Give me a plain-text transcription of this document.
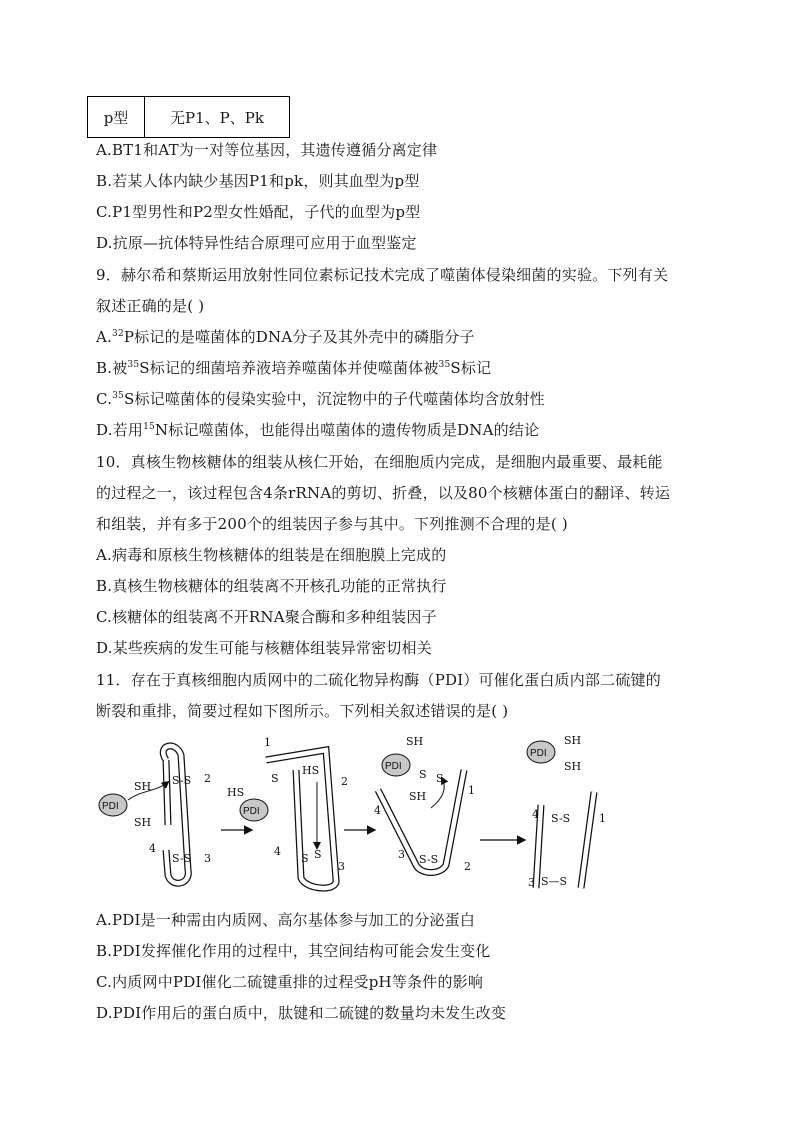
p型	无P1、P、Pk
A.BT1和AT为一对等位基因，其遗传遵循分离定律
B.若某人体内缺少基因P1和pk，则其血型为p型
C.P1型男性和P2型女性婚配，子代的血型为p型
D.抗原—抗体特异性结合原理可应用于血型鉴定
9．赫尔希和蔡斯运用放射性同位素标记技术完成了噬菌体侵染细菌的实验。下列有关
叙述正确的是( )
A.$^{32}$P标记的是噬菌体的DNA分子及其外壳中的磷脂分子
B.被$^{35}$S标记的细菌培养液培养噬菌体并使噬菌体被$^{35}$S标记
C.$^{35}$S标记噬菌体的侵染实验中，沉淀物中的子代噬菌体均含放射性
D.若用$^{15}$N标记噬菌体，也能得出噬菌体的遗传物质是DNA的结论
10．真核生物核糖体的组装从核仁开始，在细胞质内完成，是细胞内最重要、最耗能
的过程之一，该过程包含4条rRNA的剪切、折叠，以及80个核糖体蛋白的翻译、转运
和组装，并有多于200个的组装因子参与其中。下列推测不合理的是( )
A.病毒和原核生物核糖体的组装是在细胞膜上完成的
B.真核生物核糖体的组装离不开核孔功能的正常执行
C.核糖体的组装离不开RNA聚合酶和多种组装因子
D.某些疾病的发生可能与核糖体组装异常密切相关
11．存在于真核细胞内质网中的二硫化物异构酶（PDI）可催化蛋白质内部二硫键的
断裂和重排，简要过程如下图所示。下列相关叙述错误的是( )
PDI
SH
SH
S-S
S-S
2
4
3
PDI
HS
1
S
HS
2
S S
4
3
PDI
SH
SH
S S
4
1
3 S-S
2
PDI
SH
SH
4 S-S	1
3 S—S
A.PDI是一种需由内质网、高尔基体参与加工的分泌蛋白
B.PDI发挥催化作用的过程中，其空间结构可能会发生变化
C.内质网中PDI催化二硫键重排的过程受pH等条件的影响
D.PDI作用后的蛋白质中，肽键和二硫键的数量均未发生改变
